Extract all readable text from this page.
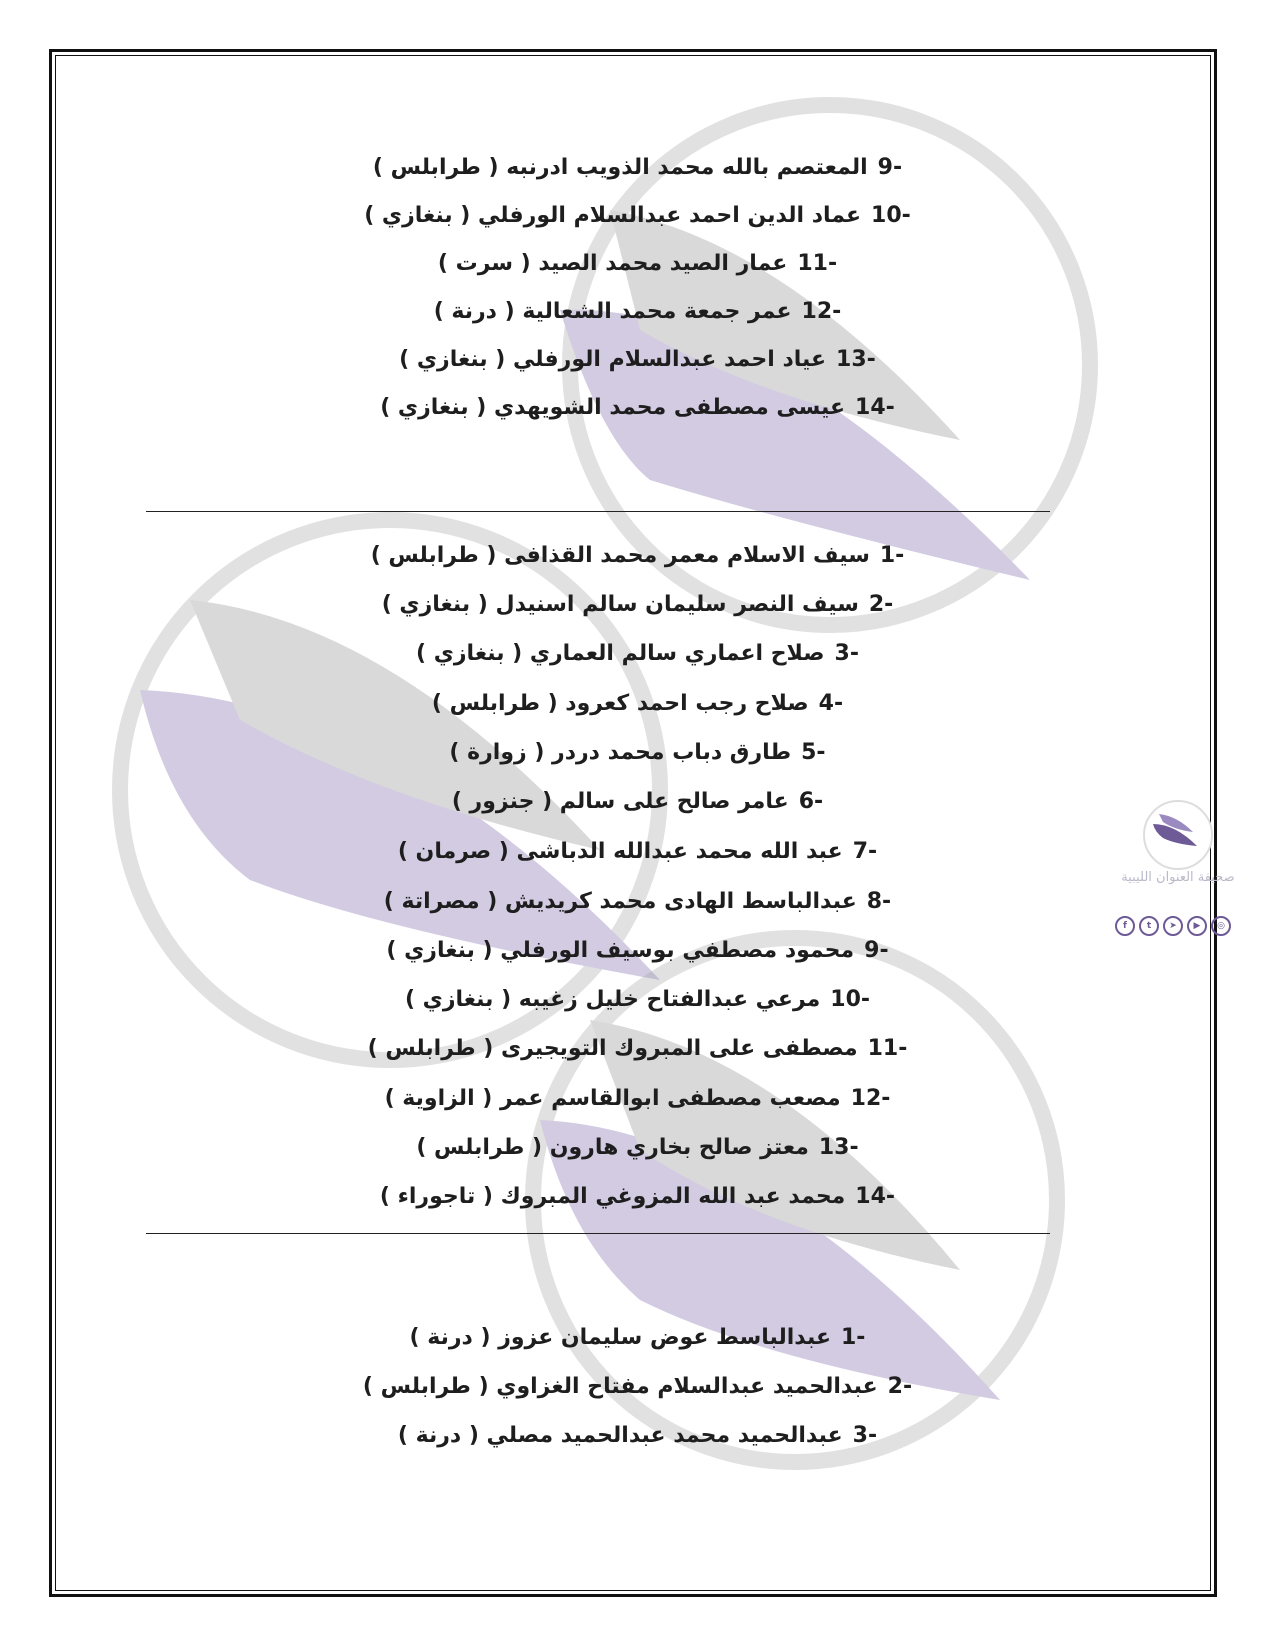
-9المعتصم بالله محمد الذويب ادرنبه ( طرابلس )
-10عماد الدين احمد عبدالسلام الورفلي ( بنغازي )
-11عمار الصيد محمد الصيد ( سرت )
-12عمر جمعة محمد الشعالية ( درنة )
-13عياد احمد عبدالسلام الورفلي ( بنغازي )
-14عيسى مصطفى محمد الشويهدي ( بنغازي )
-1سيف الاسلام معمر محمد القذافى ( طرابلس )
-2سيف النصر سليمان سالم اسنيدل ( بنغازي )
-3صلاح اعماري سالم العماري ( بنغازي )
-4صلاح رجب احمد كعرود ( طرابلس )
-5طارق دباب محمد دردر ( زوارة )
-6عامر صالح على سالم ( جنزور )
-7عبد الله محمد عبدالله الدباشى ( صرمان )
-8عبدالباسط الهادى محمد كريديش ( مصراتة )
-9محمود مصطفي بوسيف الورفلي ( بنغازي )
-10مرعي عبدالفتاح خليل زغيبه ( بنغازي )
-11مصطفى على المبروك التويجيرى ( طرابلس )
-12مصعب مصطفى ابوالقاسم عمر ( الزاوية )
-13معتز صالح بخاري هارون ( طرابلس )
-14محمد عبد الله المزوغي المبروك ( تاجوراء )
-1عبدالباسط عوض سليمان عزوز ( درنة )
-2عبدالحميد عبدالسلام مفتاح الغزاوي ( طرابلس )
-3عبدالحميد محمد عبدالحميد مصلي ( درنة )
صحيفة العنوان الليبية
f	t	➤	▶	◎
